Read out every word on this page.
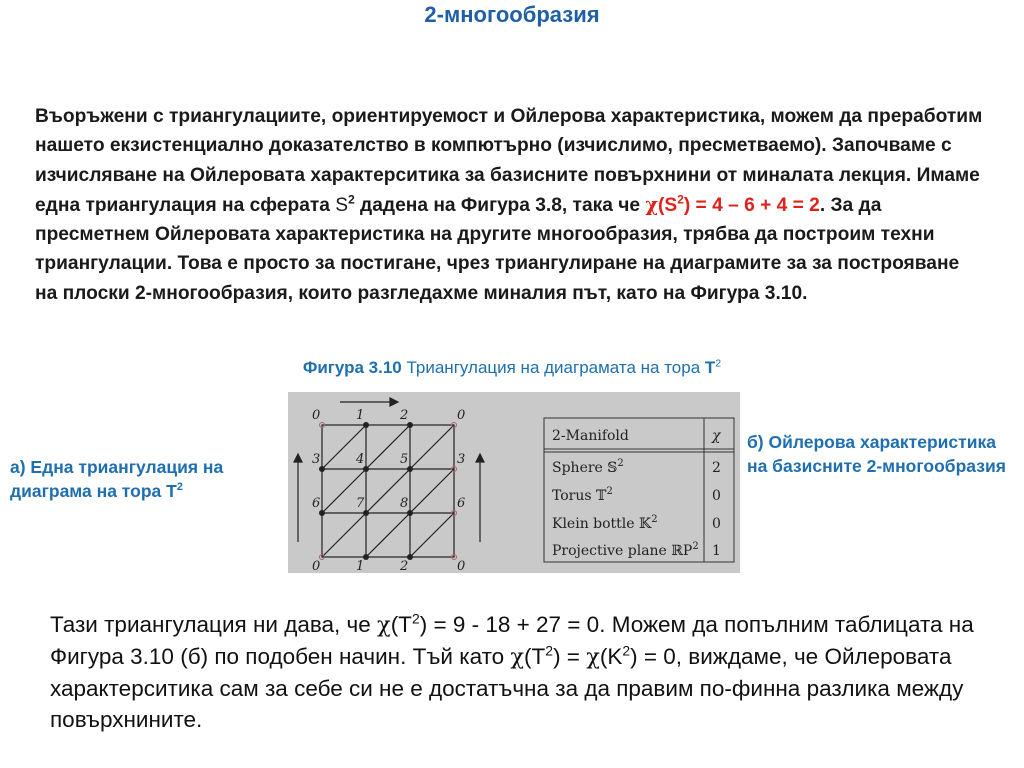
2-многообразия
Въоръжени с триангулациите, ориентируемост и Ойлерова характеристика, можем да преработим нашето екзистенциално доказателство в компютърно (изчислимо, пресметваемо). Започваме с изчисляване на Ойлеровата характерситика за базисните повърхнини от миналата лекция. Имаме една триангулация на сферата $S^2$ дадена на Фигура 3.8, така че $\chi(S^2) = 4 - 6 + 4 = 2$. За да пресметнем Ойлеровата характеристика на другите многообразия, трябва да построим техни триангулации. Това е просто за постигане, чрез триангулиране на диаграмите за за построяване на плоски 2-многообразия, които разгледахме миналия път, като на Фигура 3.10.
Фигура 3.10 Триангулация на диаграмата на тора $T^2$
а) Една триангулация на диаграма на тора $T^2$
б) Ойлерова характеристика на базисните 2-многообразия
0	1	2	0
3	4	5	3
6	7	8	6
0	1	2	0
2-Manifold	χ
Sphere 𝕊$^2$	2
Torus 𝕋$^2$	0
Klein bottle 𝕂$^2$	0
Projective plane ℝP$^2$ 1
Тази триангулация ни дава, че $\chi(T^2) = 9 - 18 + 27 = 0$. Можем да попълним таблицата на Фигура 3.10 (б) по подобен начин. Тъй като $\chi(T^2) = \chi(K^2) = 0$, виждаме, че Ойлеровата характерситика сам за себе си не е достатъчна за да правим по-финна разлика между повърхнините.
